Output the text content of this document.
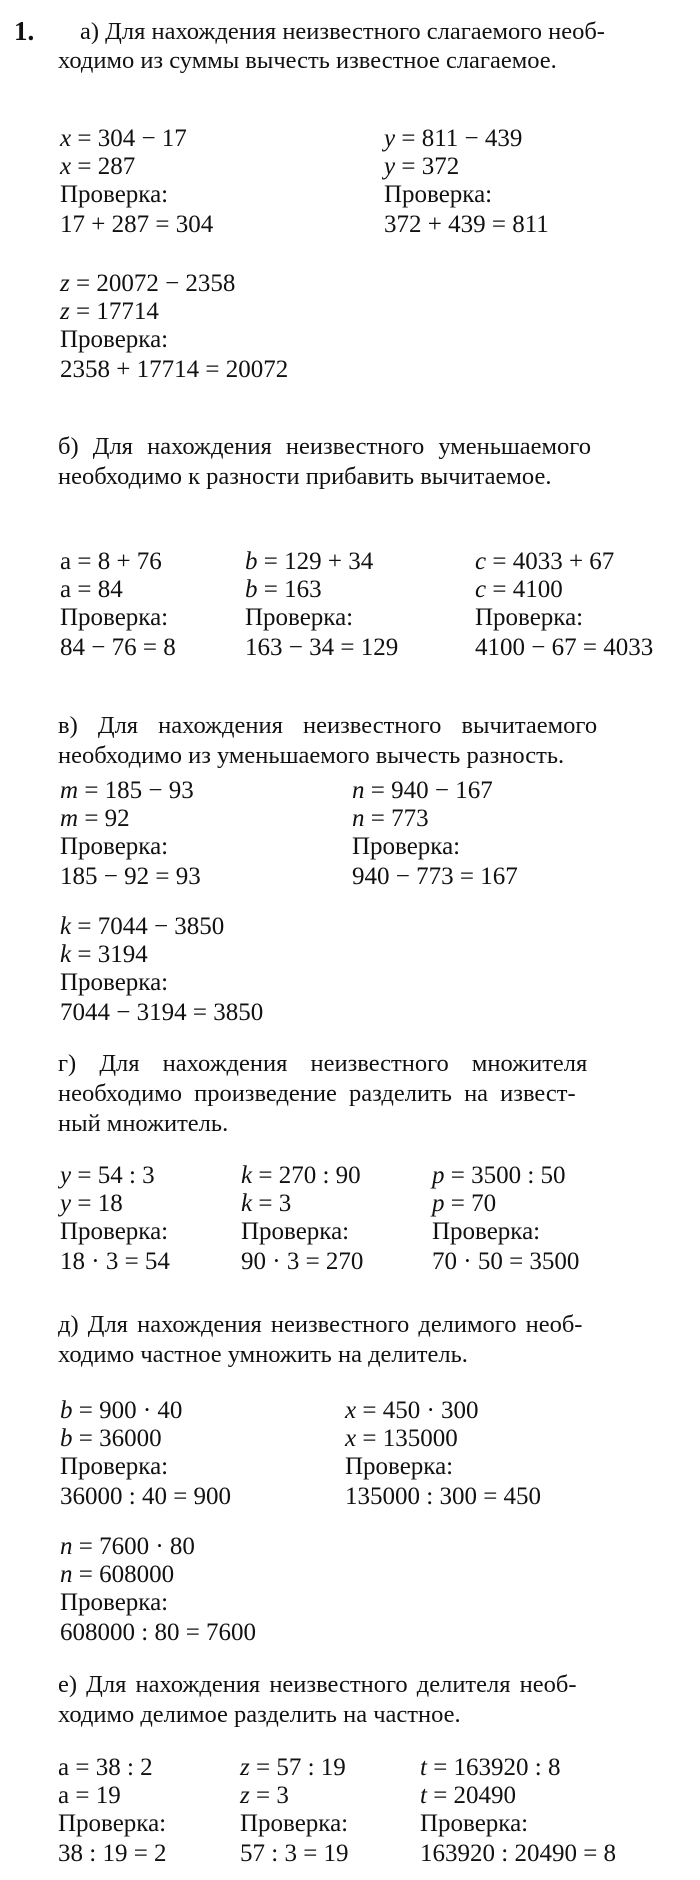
1. а) Для нахождения неизвестного слагаемого необ-
ходимо из суммы вычесть известное слагаемое.
x = 304 − 17
x = 287
Проверка:
17 + 287 = 304
y = 811 − 439
y = 372
Проверка:
372 + 439 = 811
z = 20072 − 2358
z = 17714
Проверка:
2358 + 17714 = 20072
б) Для нахождения неизвестного уменьшаемого
необходимо к разности прибавить вычитаемое.
a = 8 + 76
a = 84
Проверка:
84 − 76 = 8
b = 129 + 34
b = 163
Проверка:
163 − 34 = 129
c = 4033 + 67
c = 4100
Проверка:
4100 − 67 = 4033
в) Для нахождения неизвестного вычитаемого
необходимо из уменьшаемого вычесть разность.
m = 185 − 93
m = 92
Проверка:
185 − 92 = 93
n = 940 − 167
n = 773
Проверка:
940 − 773 = 167
k = 7044 − 3850
k = 3194
Проверка:
7044 − 3194 = 3850
г) Для нахождения неизвестного множителя
необходимо произведение разделить на извест-
ный множитель.
y = 54 : 3
y = 18
Проверка:
18 · 3 = 54
k = 270 : 90
k = 3
Проверка:
90 · 3 = 270
p = 3500 : 50
p = 70
Проверка:
70 · 50 = 3500
д) Для нахождения неизвестного делимого необ-
ходимо частное умножить на делитель.
b = 900 · 40
b = 36000
Проверка:
36000 : 40 = 900
x = 450 · 300
x = 135000
Проверка:
135000 : 300 = 450
n = 7600 · 80
n = 608000
Проверка:
608000 : 80 = 7600
е) Для нахождения неизвестного делителя необ-
ходимо делимое разделить на частное.
a = 38 : 2
a = 19
Проверка:
38 : 19 = 2
z = 57 : 19
z = 3
Проверка:
57 : 3 = 19
t = 163920 : 8
t = 20490
Проверка:
163920 : 20490 = 8
